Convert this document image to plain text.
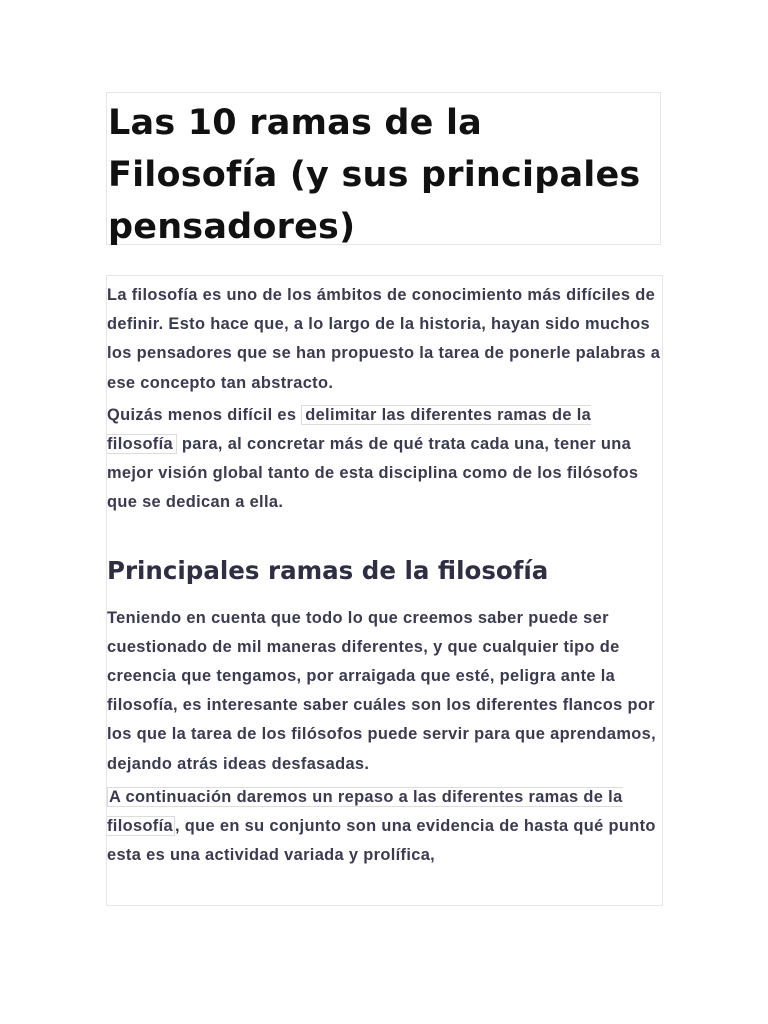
Las 10 ramas de la Filosofía (y sus principales pensadores)

La filosofía es uno de los ámbitos de conocimiento más difíciles de definir. Esto hace que, a lo largo de la historia, hayan sido muchos los pensadores que se han propuesto la tarea de ponerle palabras a ese concepto tan abstracto.

Quizás menos difícil es delimitar las diferentes ramas de la filosofía para, al concretar más de qué trata cada una, tener una mejor visión global tanto de esta disciplina como de los filósofos que se dedican a ella.

Principales ramas de la filosofía

Teniendo en cuenta que todo lo que creemos saber puede ser cuestionado de mil maneras diferentes, y que cualquier tipo de creencia que tengamos, por arraigada que esté, peligra ante la filosofía, es interesante saber cuáles son los diferentes flancos por los que la tarea de los filósofos puede servir para que aprendamos, dejando atrás ideas desfasadas.

A continuación daremos un repaso a las diferentes ramas de la filosofía , que en su conjunto son una evidencia de hasta qué punto esta es una actividad variada y prolífica,
